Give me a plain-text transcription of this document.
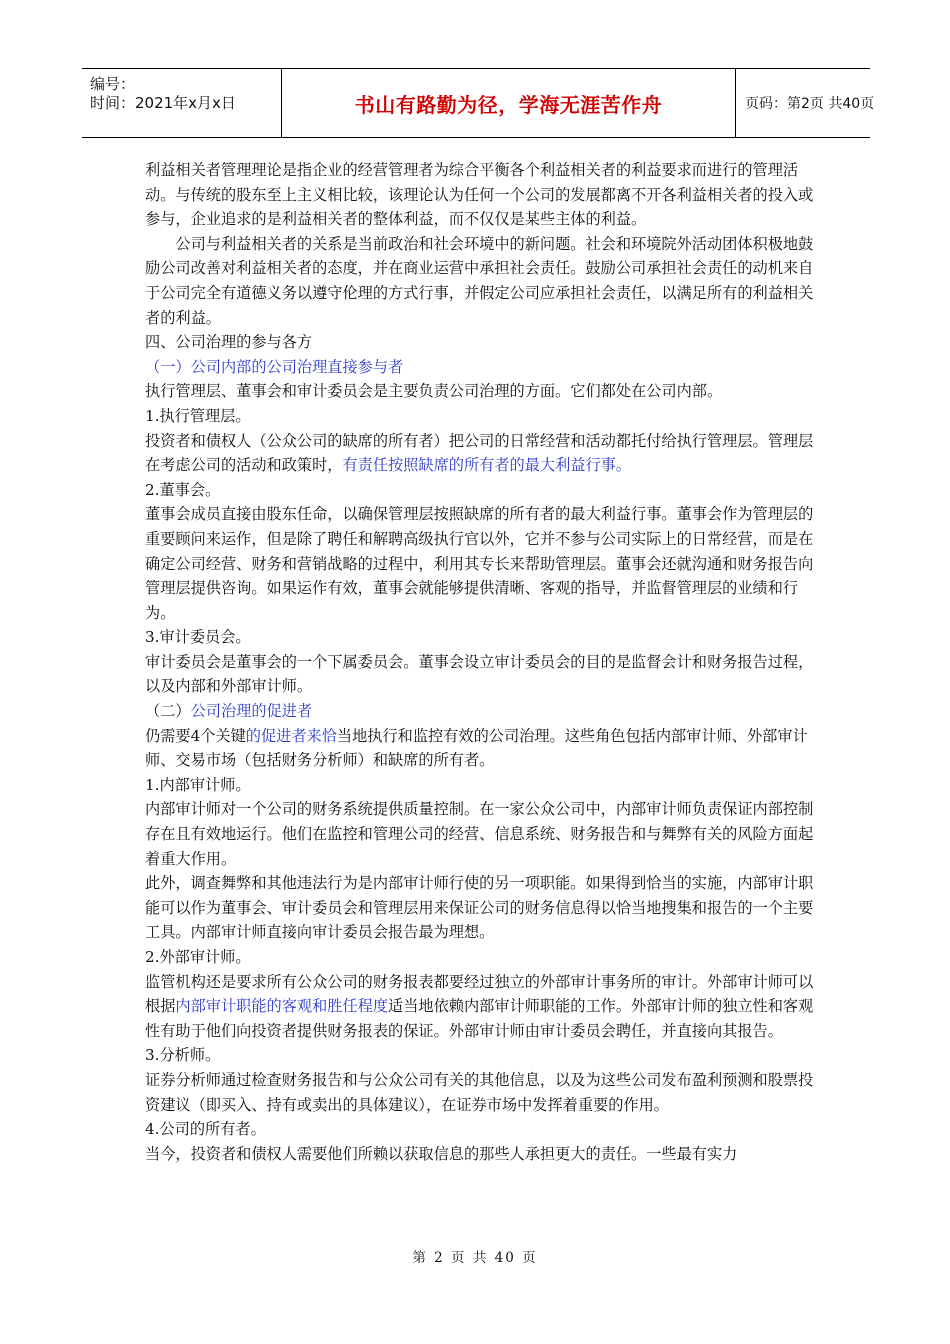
编号：
时间：2021年x月x日	书山有路勤为径，学海无涯苦作舟	页码：第2页 共40页

利益相关者管理理论是指企业的经营管理者为综合平衡各个利益相关者的利益要求而进行的管理活动。与传统的股东至上主义相比较，该理论认为任何一个公司的发展都离不开各利益相关者的投入或参与，企业追求的是利益相关者的整体利益，而不仅仅是某些主体的利益。

公司与利益相关者的关系是当前政治和社会环境中的新问题。社会和环境院外活动团体积极地鼓励公司改善对利益相关者的态度，并在商业运营中承担社会责任。鼓励公司承担社会责任的动机来自于公司完全有道德义务以遵守伦理的方式行事，并假定公司应承担社会责任，以满足所有的利益相关者的利益。

四、公司治理的参与各方

（一）公司内部的公司治理直接参与者

执行管理层、董事会和审计委员会是主要负责公司治理的方面。它们都处在公司内部。

1.执行管理层。

投资者和债权人（公众公司的缺席的所有者）把公司的日常经营和活动都托付给执行管理层。管理层在考虑公司的活动和政策时，有责任按照缺席的所有者的最大利益行事。

2.董事会。

董事会成员直接由股东任命，以确保管理层按照缺席的所有者的最大利益行事。董事会作为管理层的重要顾问来运作，但是除了聘任和解聘高级执行官以外，它并不参与公司实际上的日常经营，而是在确定公司经营、财务和营销战略的过程中，利用其专长来帮助管理层。董事会还就沟通和财务报告向管理层提供咨询。如果运作有效，董事会就能够提供清晰、客观的指导，并监督管理层的业绩和行为。

3.审计委员会。

审计委员会是董事会的一个下属委员会。董事会设立审计委员会的目的是监督会计和财务报告过程，以及内部和外部审计师。

（二）公司治理的促进者

仍需要4个关键的促进者来恰当地执行和监控有效的公司治理。这些角色包括内部审计师、外部审计师、交易市场（包括财务分析师）和缺席的所有者。

1.内部审计师。

内部审计师对一个公司的财务系统提供质量控制。在一家公众公司中，内部审计师负责保证内部控制存在且有效地运行。他们在监控和管理公司的经营、信息系统、财务报告和与舞弊有关的风险方面起着重大作用。

此外，调查舞弊和其他违法行为是内部审计师行使的另一项职能。如果得到恰当的实施，内部审计职能可以作为董事会、审计委员会和管理层用来保证公司的财务信息得以恰当地搜集和报告的一个主要工具。内部审计师直接向审计委员会报告最为理想。

2.外部审计师。

监管机构还是要求所有公众公司的财务报表都要经过独立的外部审计事务所的审计。外部审计师可以根据内部审计职能的客观和胜任程度适当地依赖内部审计师职能的工作。外部审计师的独立性和客观性有助于他们向投资者提供财务报表的保证。外部审计师由审计委员会聘任，并直接向其报告。

3.分析师。

证券分析师通过检查财务报告和与公众公司有关的其他信息，以及为这些公司发布盈利预测和股票投资建议（即买入、持有或卖出的具体建议），在证券市场中发挥着重要的作用。

4.公司的所有者。

当今，投资者和债权人需要他们所赖以获取信息的那些人承担更大的责任。一些最有实力

第 2 页 共 40 页
